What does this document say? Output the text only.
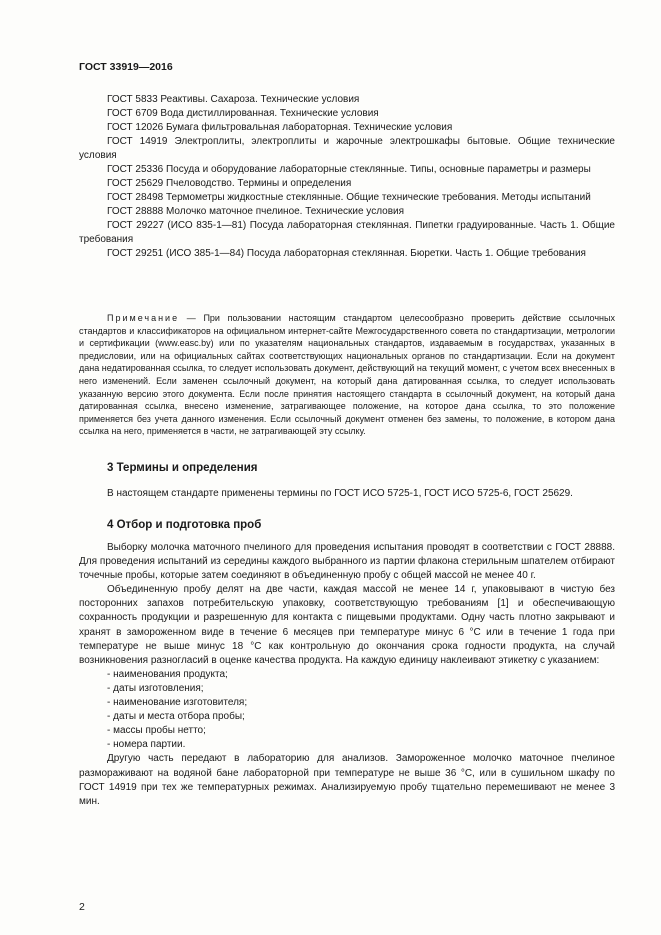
ГОСТ 33919—2016

ГОСТ 5833 Реактивы. Сахароза. Технические условия

ГОСТ 6709 Вода дистиллированная. Технические условия

ГОСТ 12026 Бумага фильтровальная лабораторная. Технические условия

ГОСТ 14919 Электроплиты, электроплиты и жарочные электрошкафы бытовые. Общие технические условия

ГОСТ 25336 Посуда и оборудование лабораторные стеклянные. Типы, основные параметры и размеры

ГОСТ 25629 Пчеловодство. Термины и определения

ГОСТ 28498 Термометры жидкостные стеклянные. Общие технические требования. Методы испытаний

ГОСТ 28888 Молочко маточное пчелиное. Технические условия

ГОСТ 29227 (ИСО 835-1—81) Посуда лабораторная стеклянная. Пипетки градуированные. Часть 1. Общие требования

ГОСТ 29251 (ИСО 385-1—84) Посуда лабораторная стеклянная. Бюретки. Часть 1. Общие требования

Примечание — При пользовании настоящим стандартом целесообразно проверить действие ссылочных стандартов и классификаторов на официальном интернет-сайте Межгосударственного совета по стандартизации, метрологии и сертификации (www.easc.by) или по указателям национальных стандартов, издаваемым в государствах, указанных в предисловии, или на официальных сайтах соответствующих национальных органов по стандартизации. Если на документ дана недатированная ссылка, то следует использовать документ, действующий на текущий момент, с учетом всех внесенных в него изменений. Если заменен ссылочный документ, на который дана датированная ссылка, то следует использовать указанную версию этого документа. Если после принятия настоящего стандарта в ссылочный документ, на который дана датированная ссылка, внесено изменение, затрагивающее положение, на которое дана ссылка, то это положение применяется без учета данного изменения. Если ссылочный документ отменен без замены, то положение, в котором дана ссылка на него, применяется в части, не затрагивающей эту ссылку.

3 Термины и определения

В настоящем стандарте применены термины по ГОСТ ИСО 5725-1, ГОСТ ИСО 5725-6, ГОСТ 25629.

4 Отбор и подготовка проб

Выборку молочка маточного пчелиного для проведения испытания проводят в соответствии с ГОСТ 28888. Для проведения испытаний из середины каждого выбранного из партии флакона стерильным шпателем отбирают точечные пробы, которые затем соединяют в объединенную пробу с общей массой не менее 40 г.

Объединенную пробу делят на две части, каждая массой не менее 14 г, упаковывают в чистую без посторонних запахов потребительскую упаковку, соответствующую требованиям [1] и обеспечивающую сохранность продукции и разрешенную для контакта с пищевыми продуктами. Одну часть плотно закрывают и хранят в замороженном виде в течение 6 месяцев при температуре минус 6 °С или в течение 1 года при температуре не выше минус 18 °С как контрольную до окончания срока годности продукта, на случай возникновения разногласий в оценке качества продукта. На каждую единицу наклеивают этикетку с указанием:

- наименования продукта;

- даты изготовления;

- наименование изготовителя;

- даты и места отбора пробы;

- массы пробы нетто;

- номера партии.

Другую часть передают в лабораторию для анализов. Замороженное молочко маточное пчелиное размораживают на водяной бане лабораторной при температуре не выше 36 °С, или в сушильном шкафу по ГОСТ 14919 при тех же температурных режимах. Анализируемую пробу тщательно перемешивают не менее 3 мин.

2
